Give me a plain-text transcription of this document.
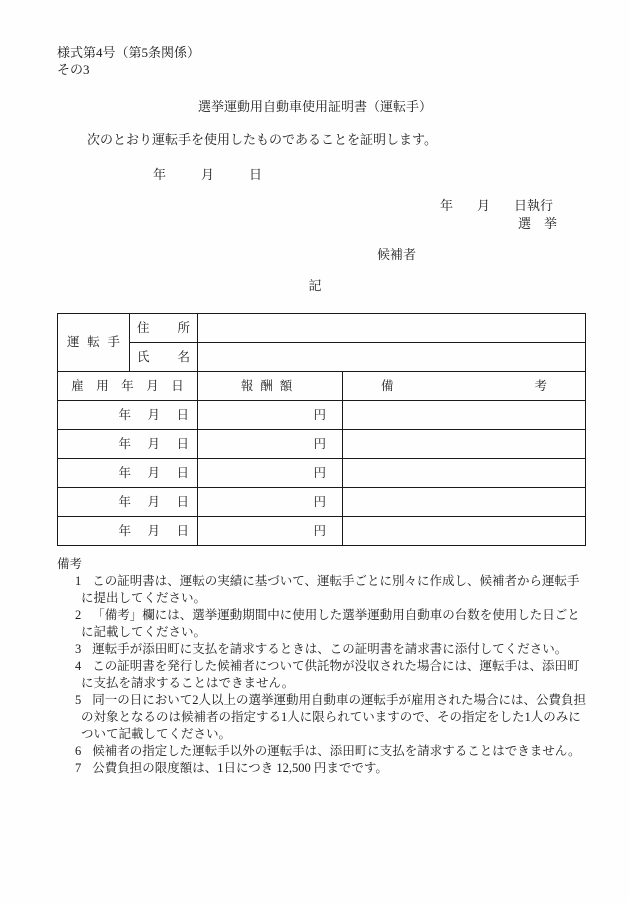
様式第4号（第5条関係）
その3
選挙運動用自動車使用証明書（運転手）
次のとおり運転手を使用したものであることを証明します。
年	月	日
年 月 日執行
選　挙
候補者
記
運転手	住所		
	氏名		
雇　用　年　月　日		報酬額	備考
年　月　日		円	
年　月　日		円	
年　月　日		円	
年　月　日		円	
年　月　日		円	
備考
1 この証明書は、運転の実績に基づいて、運転手ごとに別々に作成し、候補者から運転手に提出してください。
2 「備考」欄には、選挙運動期間中に使用した選挙運動用自動車の台数を使用した日ごとに記載してください。
3 運転手が添田町に支払を請求するときは、この証明書を請求書に添付してください。
4 この証明書を発行した候補者について供託物が没収された場合には、運転手は、添田町に支払を請求することはできません。
5 同一の日において2人以上の選挙運動用自動車の運転手が雇用された場合には、公費負担の対象となるのは候補者の指定する1人に限られていますので、その指定をした1人のみについて記載してください。
6 候補者の指定した運転手以外の運転手は、添田町に支払を請求することはできません。
7 公費負担の限度額は、1日につき 12,500 円までです。
